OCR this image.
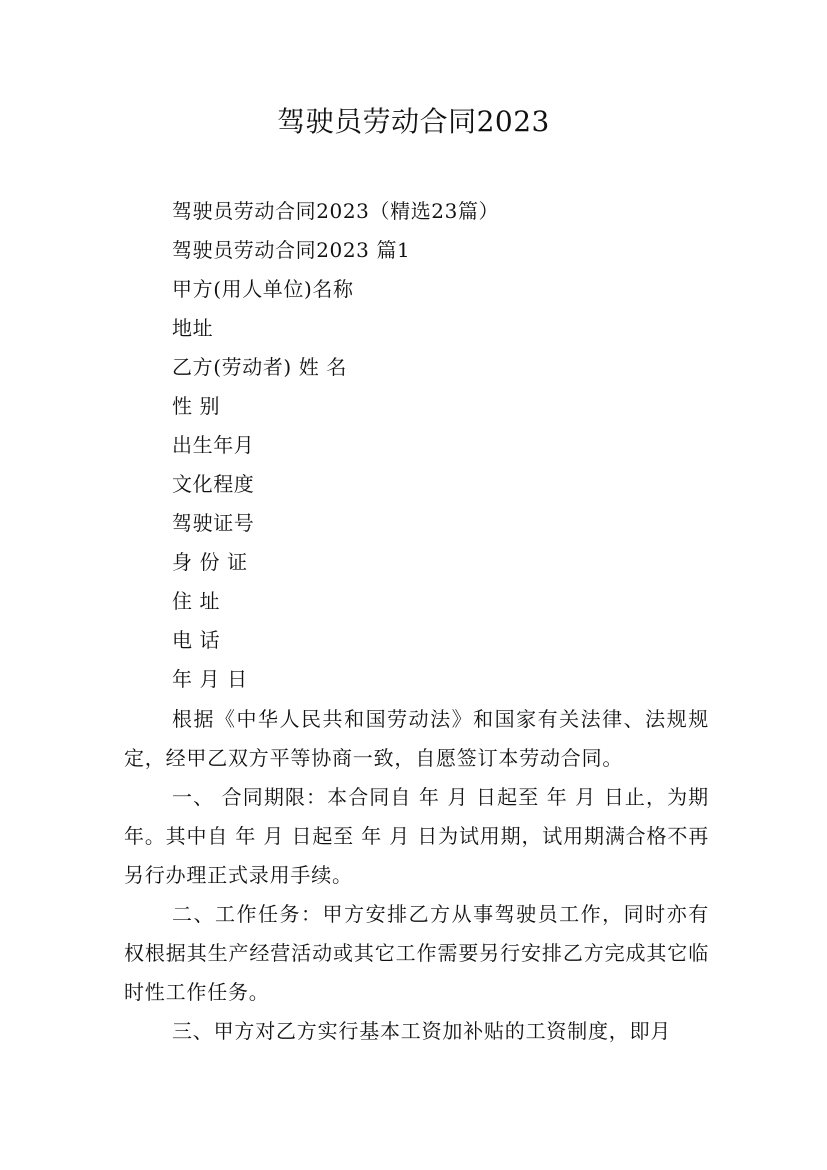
驾驶员劳动合同2023
驾驶员劳动合同2023（精选23篇）
驾驶员劳动合同2023 篇1
甲方(用人单位)名称
地址
乙方(劳动者) 姓 名
性 别
出生年月
文化程度
驾驶证号
身 份 证
住 址
电 话
年 月 日
根据《中华人民共和国劳动法》和国家有关法律、法规规定，经甲乙双方平等协商一致，自愿签订本劳动合同。
一、 合同期限：本合同自 年 月 日起至 年 月 日止，为期 年。其中自 年 月 日起至 年 月 日为试用期，试用期满合格不再另行办理正式录用手续。
二、工作任务：甲方安排乙方从事驾驶员工作，同时亦有权根据其生产经营活动或其它工作需要另行安排乙方完成其它临时性工作任务。
三、甲方对乙方实行基本工资加补贴的工资制度，即月
